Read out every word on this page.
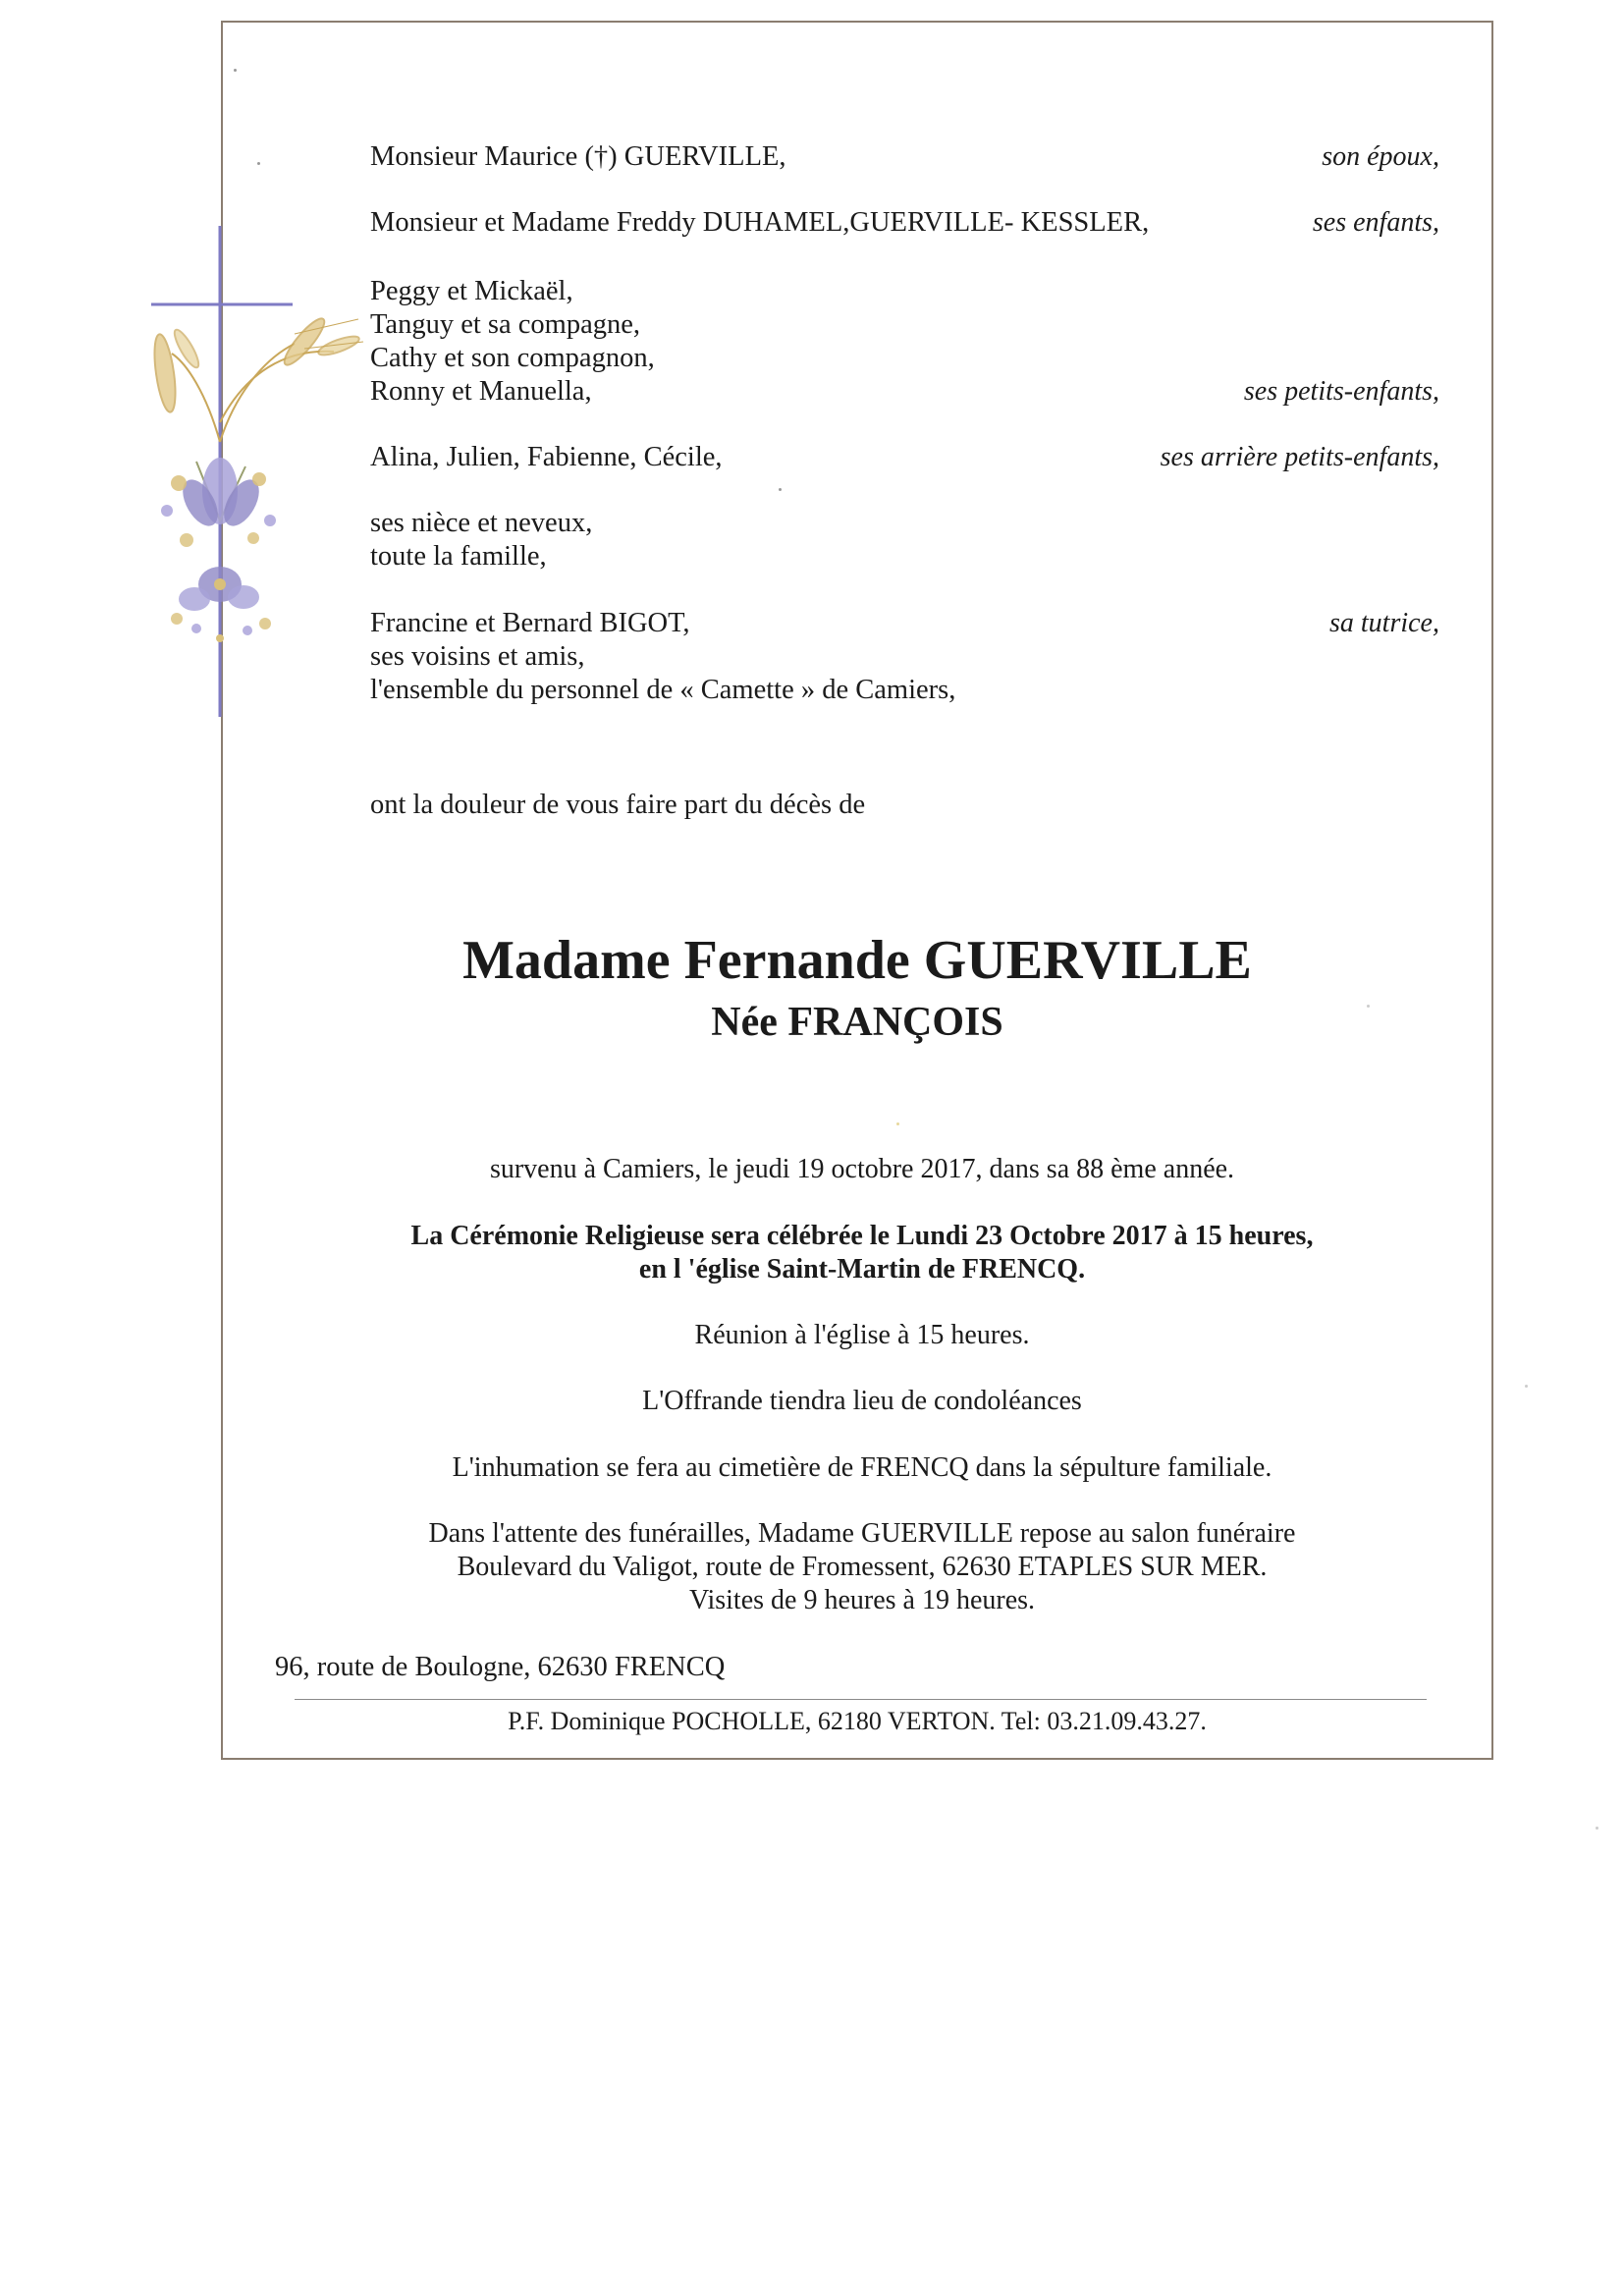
Monsieur Maurice (†) GUERVILLE,	son époux,
Monsieur et Madame Freddy DUHAMEL,GUERVILLE- KESSLER,	ses enfants,
Peggy et Mickaël,
Tanguy et sa compagne,
Cathy et son compagnon,
Ronny et Manuella,	ses petits-enfants,
Alina, Julien, Fabienne, Cécile,	ses arrière petits-enfants,
ses nièce et neveux,
toute la famille,
Francine et Bernard BIGOT,	sa tutrice,
ses voisins et amis,
l'ensemble du personnel de « Camette » de Camiers,
ont la douleur de vous faire part du décès de
Madame Fernande GUERVILLE
Née FRANÇOIS
survenu à Camiers, le jeudi 19 octobre 2017, dans sa 88 ème année.
La Cérémonie Religieuse sera célébrée le Lundi 23 Octobre 2017 à 15 heures,
en l 'église Saint-Martin de FRENCQ.
Réunion à l'église à 15 heures.
L'Offrande tiendra lieu de condoléances
L'inhumation se fera au cimetière de FRENCQ dans la sépulture familiale.
Dans l'attente des funérailles, Madame GUERVILLE repose au salon funéraire
Boulevard du Valigot, route de Fromessent, 62630 ETAPLES SUR MER.
Visites de 9 heures à 19 heures.
96, route de Boulogne, 62630 FRENCQ
P.F. Dominique POCHOLLE, 62180 VERTON. Tel: 03.21.09.43.27.
